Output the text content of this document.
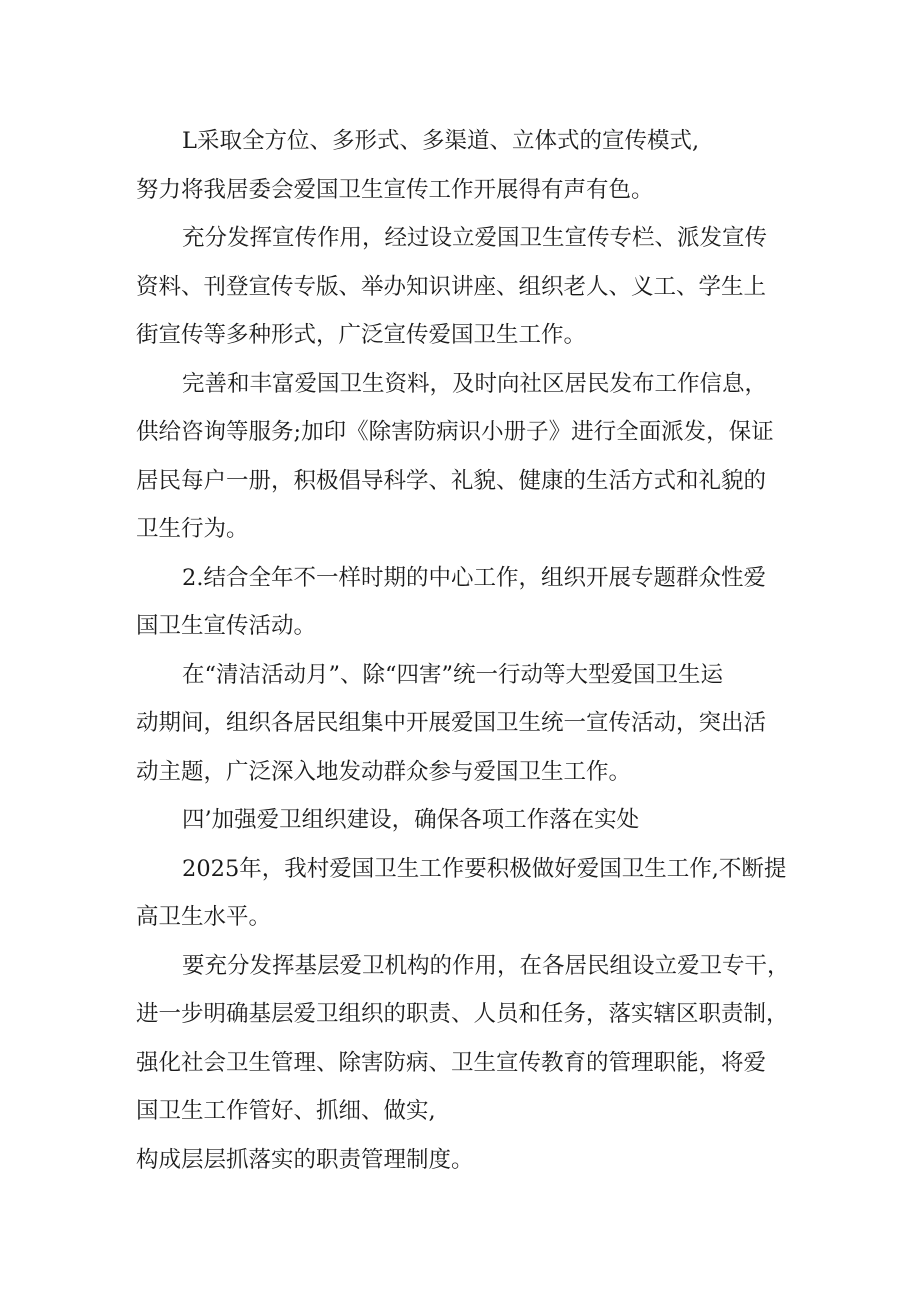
L采取全方位、多形式、多渠道、立体式的宣传模式,
努力将我居委会爱国卫生宣传工作开展得有声有色。
充分发挥宣传作用，经过设立爱国卫生宣传专栏、派发宣传
资料、刊登宣传专版、举办知识讲座、组织老人、义工、学生上
街宣传等多种形式，广泛宣传爱国卫生工作。
完善和丰富爱国卫生资料，及时向社区居民发布工作信息，
供给咨询等服务;加印《除害防病识小册子》进行全面派发，保证
居民每户一册，积极倡导科学、礼貌、健康的生活方式和礼貌的
卫生行为。
2.结合全年不一样时期的中心工作，组织开展专题群众性爱
国卫生宣传活动。
在“清洁活动月”、除“四害”统一行动等大型爱国卫生运
动期间，组织各居民组集中开展爱国卫生统一宣传活动，突出活
动主题，广泛深入地发动群众参与爱国卫生工作。
四’加强爱卫组织建设，确保各项工作落在实处
2025年，我村爱国卫生工作要积极做好爱国卫生工作,不断提
高卫生水平。
要充分发挥基层爱卫机构的作用，在各居民组设立爱卫专干，
进一步明确基层爱卫组织的职责、人员和任务，落实辖区职责制，
强化社会卫生管理、除害防病、卫生宣传教育的管理职能，将爱
国卫生工作管好、抓细、做实,
构成层层抓落实的职责管理制度。
